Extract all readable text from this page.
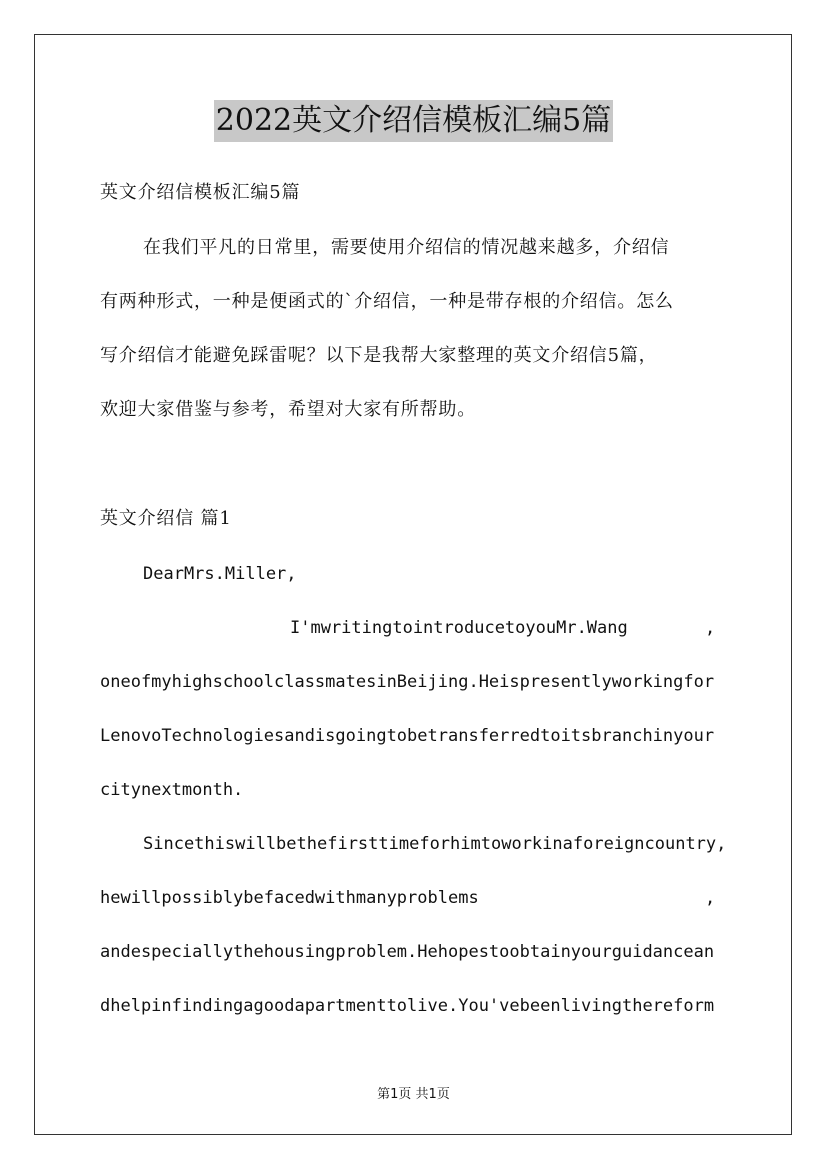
2022英文介绍信模板汇编5篇
英文介绍信模板汇编5篇
在我们平凡的日常里，需要使用介绍信的情况越来越多，介绍信
有两种形式，一种是便函式的`介绍信，一种是带存根的介绍信。怎么
写介绍信才能避免踩雷呢？以下是我帮大家整理的英文介绍信5篇，
欢迎大家借鉴与参考，希望对大家有所帮助。
英文介绍信 篇1
DearMrs.Miller,
I'mwritingtointroducetoyouMr.Wang	,
oneofmyhighschoolclassmatesinBeijing.Heispresentlyworkingfor
LenovoTechnologiesandisgoingtobetransferredtoitsbranchinyour
citynextmonth.
Sincethiswillbethefirsttimeforhimtoworkinaforeigncountry,
hewillpossiblybefacedwithmanyproblems	,
andespeciallythehousingproblem.Hehopestoobtainyourguidancean
dhelpinfindingagoodapartmenttolive.You'vebeenlivingthereform
第1页 共1页
